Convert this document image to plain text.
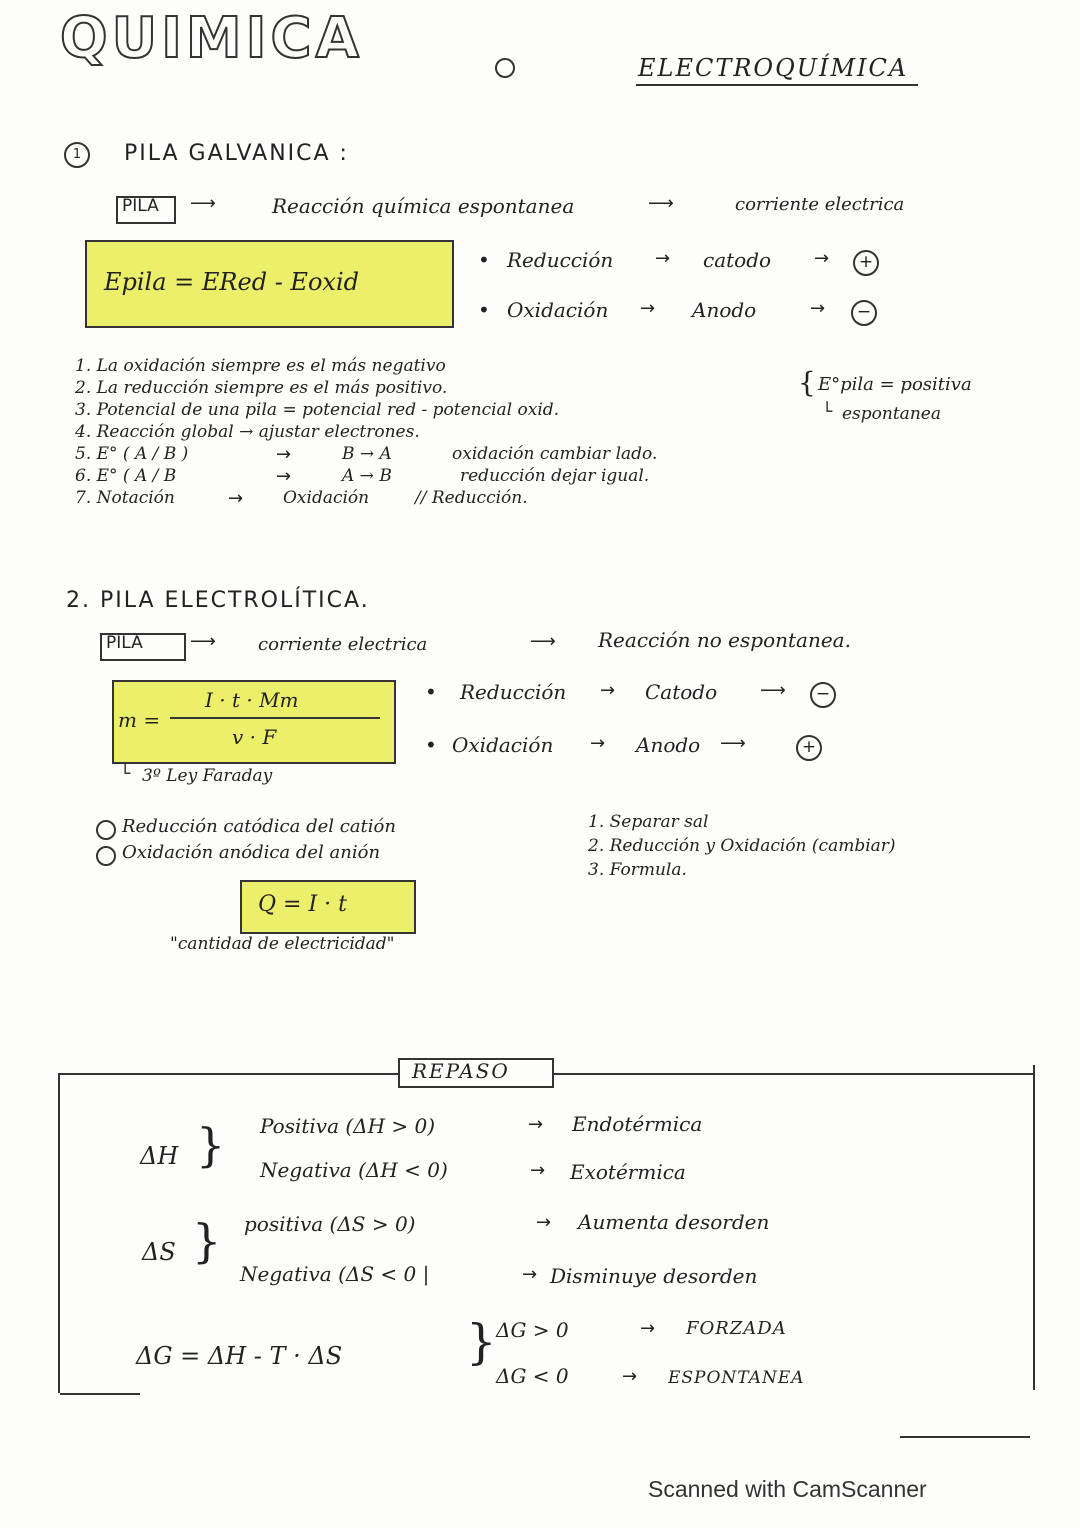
QUIMICA	ELECTROQUÍMICA
1	PILA GALVANICA :
PILA ⟶	Reacción química espontanea	⟶	corriente electrica
Epila = ERed - Eoxid
• Reducción → catodo →	+
• Oxidación → Anodo	→	−
1. La oxidación siempre es el más negativo
2. La reducción siempre es el más positivo.
3. Potencial de una pila = potencial red - potencial oxid.
4. Reacción global → ajustar electrones.
5. E° ( A / B )	→	B → A	oxidación cambiar lado.
6. E° ( A / B	→	A → B	reducción dejar igual.
7. Notación	→ Oxidación	// Reducción.
{ E°pila = positiva
└ espontanea
2. PILA ELECTROLÍTICA.
PILA	⟶ corriente electrica	⟶ Reacción no espontanea.
m =
I · t · Mm
v · F
└ 3º Ley Faraday
• Reducción → Catodo ⟶	−
• Oxidación → Anodo ⟶	+
Reducción catódica del catión
Oxidación anódica del anión
1. Separar sal
2. Reducción y Oxidación (cambiar)
3. Formula.
Q = I · t
"cantidad de electricidad"
REPASO
ΔH } Positiva (ΔH > 0)	→ Endotérmica
Negativa (ΔH < 0)	→ Exotérmica
ΔS } positiva (ΔS > 0)	→ Aumenta desorden
Negativa (ΔS < 0 |	→ Disminuye desorden
ΔG = ΔH - T · ΔS	} ΔG > 0	→ FORZADA
ΔG < 0	→ ESPONTANEA
Scanned with CamScanner
